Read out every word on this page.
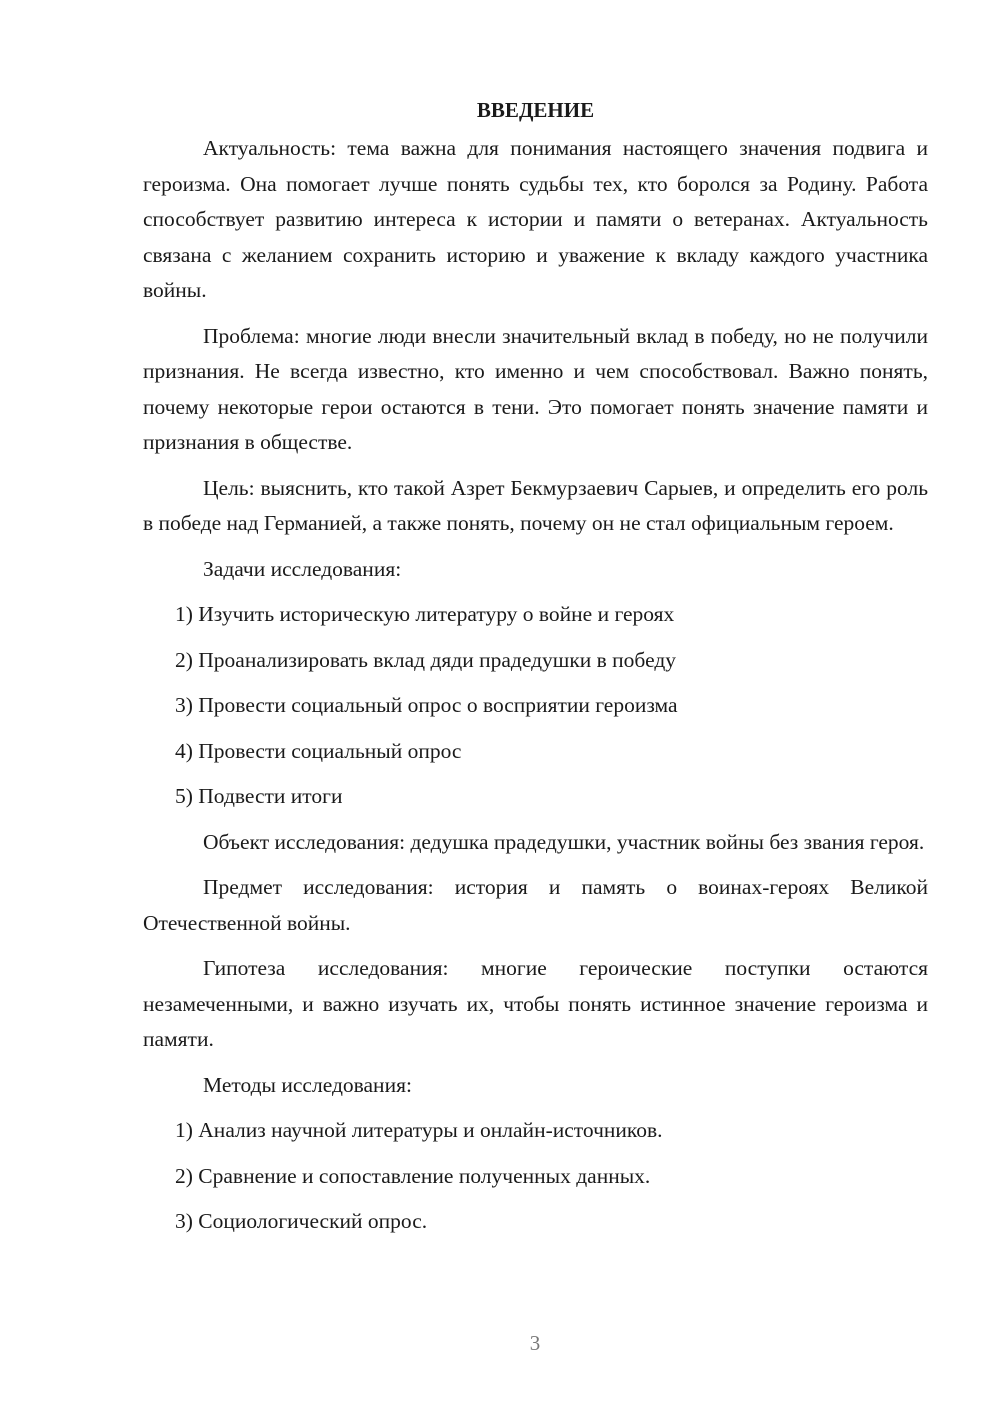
ВВЕДЕНИЕ
Актуальность: тема важна для понимания настоящего значения подвига и героизма. Она помогает лучше понять судьбы тех, кто боролся за Родину. Работа способствует развитию интереса к истории и памяти о ветеранах. Актуальность связана с желанием сохранить историю и уважение к вкладу каждого участника войны.
Проблема: многие люди внесли значительный вклад в победу, но не получили признания. Не всегда известно, кто именно и чем способствовал. Важно понять, почему некоторые герои остаются в тени. Это помогает понять значение памяти и признания в обществе.
Цель: выяснить, кто такой Азрет Бекмурзаевич Сарыев, и определить его роль в победе над Германией, а также понять, почему он не стал официальным героем.
Задачи исследования:
1) Изучить историческую литературу о войне и героях
2) Проанализировать вклад дяди прадедушки в победу
3) Провести социальный опрос о восприятии героизма
4) Провести социальный опрос
5) Подвести итоги
Объект исследования: дедушка прадедушки, участник войны без звания героя.
Предмет исследования: история и память о воинах-героях Великой Отечественной войны.
Гипотеза исследования: многие героические поступки остаются незамеченными, и важно изучать их, чтобы понять истинное значение героизма и памяти.
Методы исследования:
1) Анализ научной литературы и онлайн-источников.
2) Сравнение и сопоставление полученных данных.
3) Социологический опрос.
3
